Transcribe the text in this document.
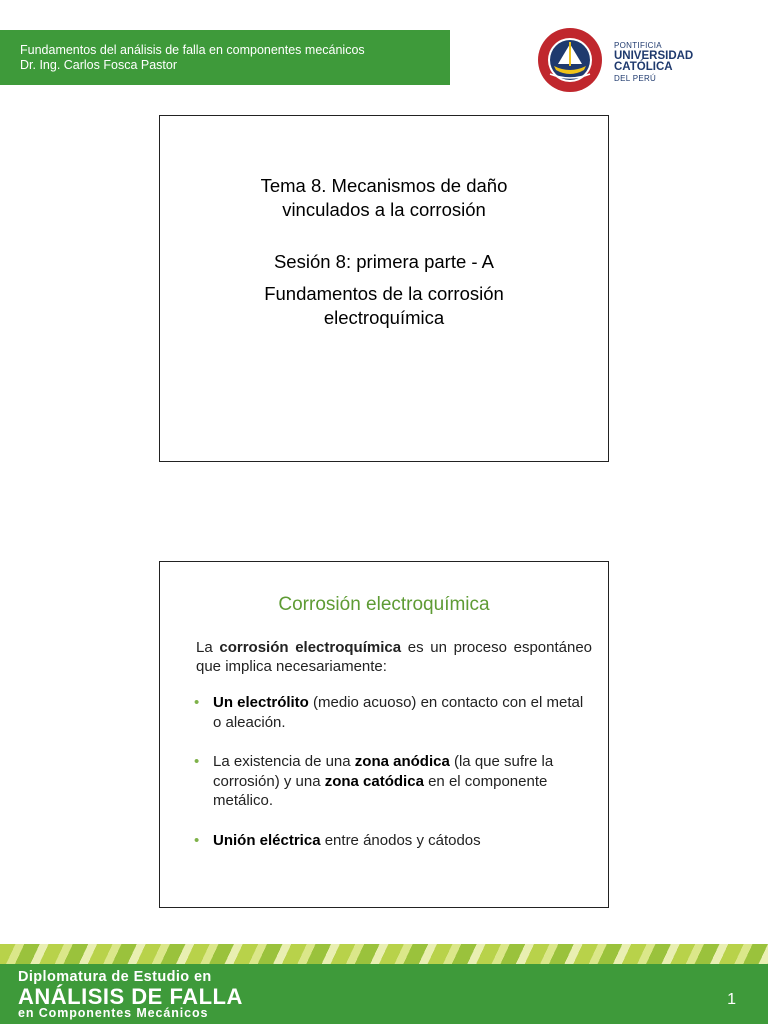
Fundamentos del análisis de falla en componentes mecánicos
Dr. Ing. Carlos Fosca Pastor
PONTIFICIA
UNIVERSIDAD
CATÓLICA
DEL PERÚ
Tema 8. Mecanismos de daño
vinculados a la corrosión
Sesión 8: primera parte - A
Fundamentos de la corrosión
electroquímica
Corrosión electroquímica
La corrosión electroquímica es un proceso espontáneo que implica necesariamente:
• Un electrólito (medio acuoso) en contacto con el metal o aleación.
• La existencia de una zona anódica (la que sufre la corrosión) y una zona catódica en el componente metálico.
• Unión eléctrica entre ánodos y cátodos
Diplomatura de Estudio en
ANÁLISIS DE FALLA
en Componentes Mecánicos
1
